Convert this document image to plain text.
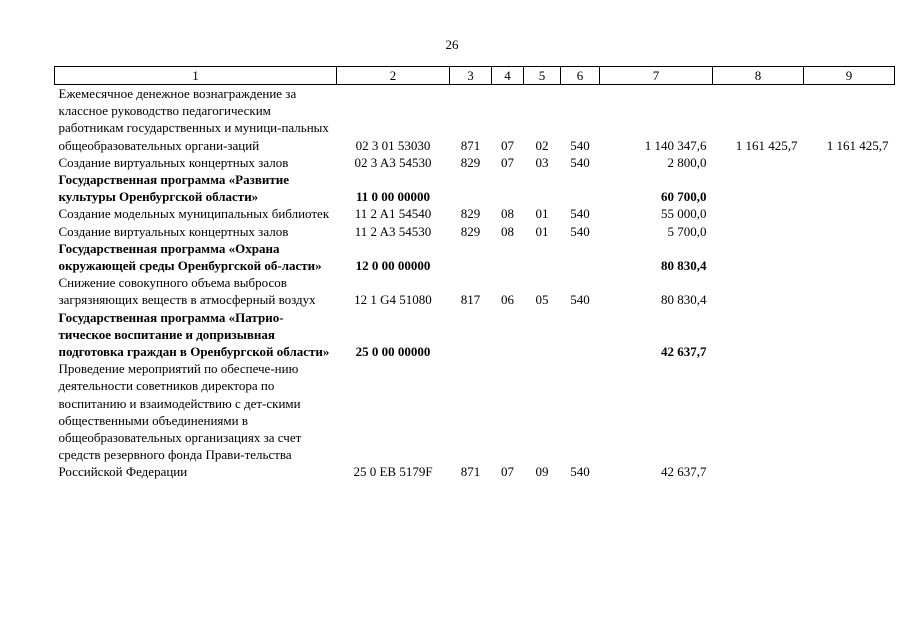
26
1	2	3	4	5	6	7	8	9
Ежемесячное денежное вознаграждение за классное руководство педагогическим работникам государственных и муници-пальных общеобразовательных органи-заций	02 3 01 53030	871	07	02	540	1 140 347,6	1 161 425,7	1 161 425,7
Создание виртуальных концертных залов	02 3 A3 54530	829	07	03	540	2 800,0		
Государственная программа «Развитие культуры Оренбургской области»	11 0 00 00000					60 700,0		
Создание модельных муниципальных библиотек	11 2 A1 54540	829	08	01	540	55 000,0		
Создание виртуальных концертных залов	11 2 A3 54530	829	08	01	540	5 700,0		
Государственная программа «Охрана окружающей среды Оренбургской об-ласти»	12 0 00 00000					80 830,4		
Снижение совокупного объема выбросов загрязняющих веществ в атмосферный воздух	12 1 G4 51080	817	06	05	540	80 830,4		
Государственная программа «Патрио-тическое воспитание и допризывная подготовка граждан в Оренбургской области»	25 0 00 00000					42 637,7		
Проведение мероприятий по обеспече-нию деятельности советников директора по воспитанию и взаимодействию с дет-скими общественными объединениями в общеобразовательных организациях за счет средств резервного фонда Прави-тельства Российской Федерации	25 0 EB 5179F	871	07	09	540	42 637,7		
